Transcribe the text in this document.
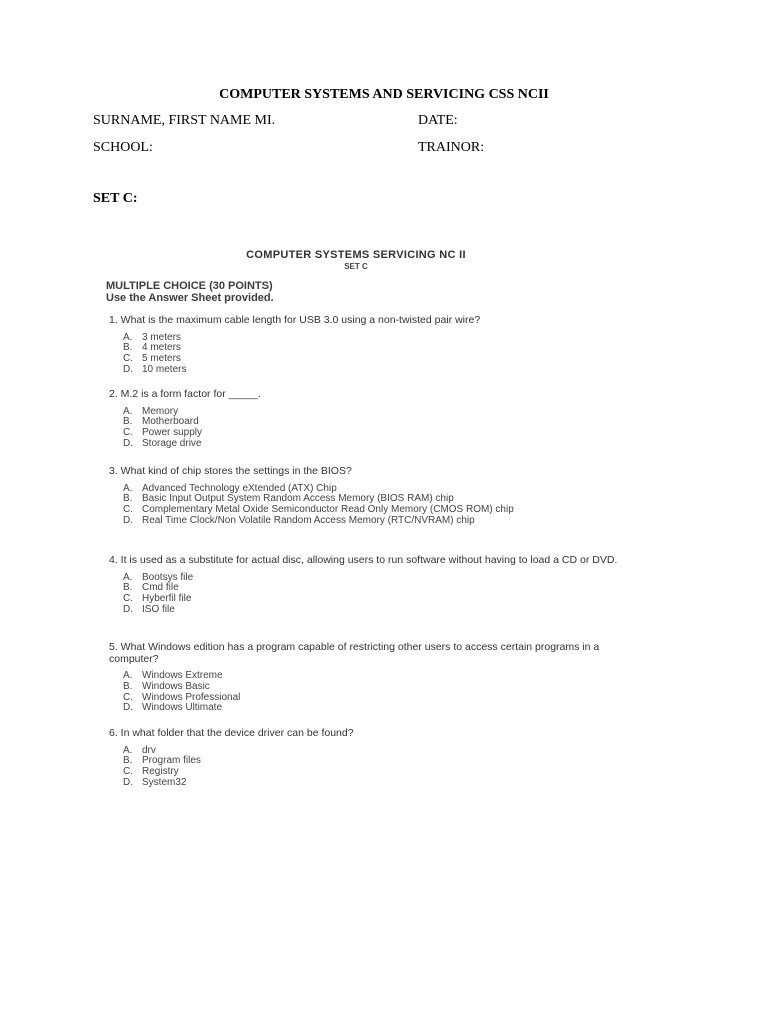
COMPUTER SYSTEMS AND SERVICING CSS NCII
SURNAME, FIRST NAME MI.	DATE:
SCHOOL:	TRAINOR:
SET C:
COMPUTER SYSTEMS SERVICING NC II
SET C
MULTIPLE CHOICE (30 POINTS)
Use the Answer Sheet provided.
1. What is the maximum cable length for USB 3.0 using a non-twisted pair wire?
A. 3 meters
B. 4 meters
C. 5 meters
D. 10 meters
2. M.2 is a form factor for _____.
A. Memory
B. Motherboard
C. Power supply
D. Storage drive
3. What kind of chip stores the settings in the BIOS?
A. Advanced Technology eXtended (ATX) Chip
B. Basic Input Output System Random Access Memory (BIOS RAM) chip
C. Complementary Metal Oxide Semiconductor Read Only Memory (CMOS ROM) chip
D. Real Time Clock/Non Volatile Random Access Memory (RTC/NVRAM) chip
4. It is used as a substitute for actual disc, allowing users to run software without having to load a CD or DVD.
A. Bootsys file
B. Cmd file
C. Hyberfil file
D. ISO file
5. What Windows edition has a program capable of restricting other users to access certain programs in a computer?
A. Windows Extreme
B. Windows Basic
C. Windows Professional
D. Windows Ultimate
6. In what folder that the device driver can be found?
A. drv
B. Program files
C. Registry
D. System32
